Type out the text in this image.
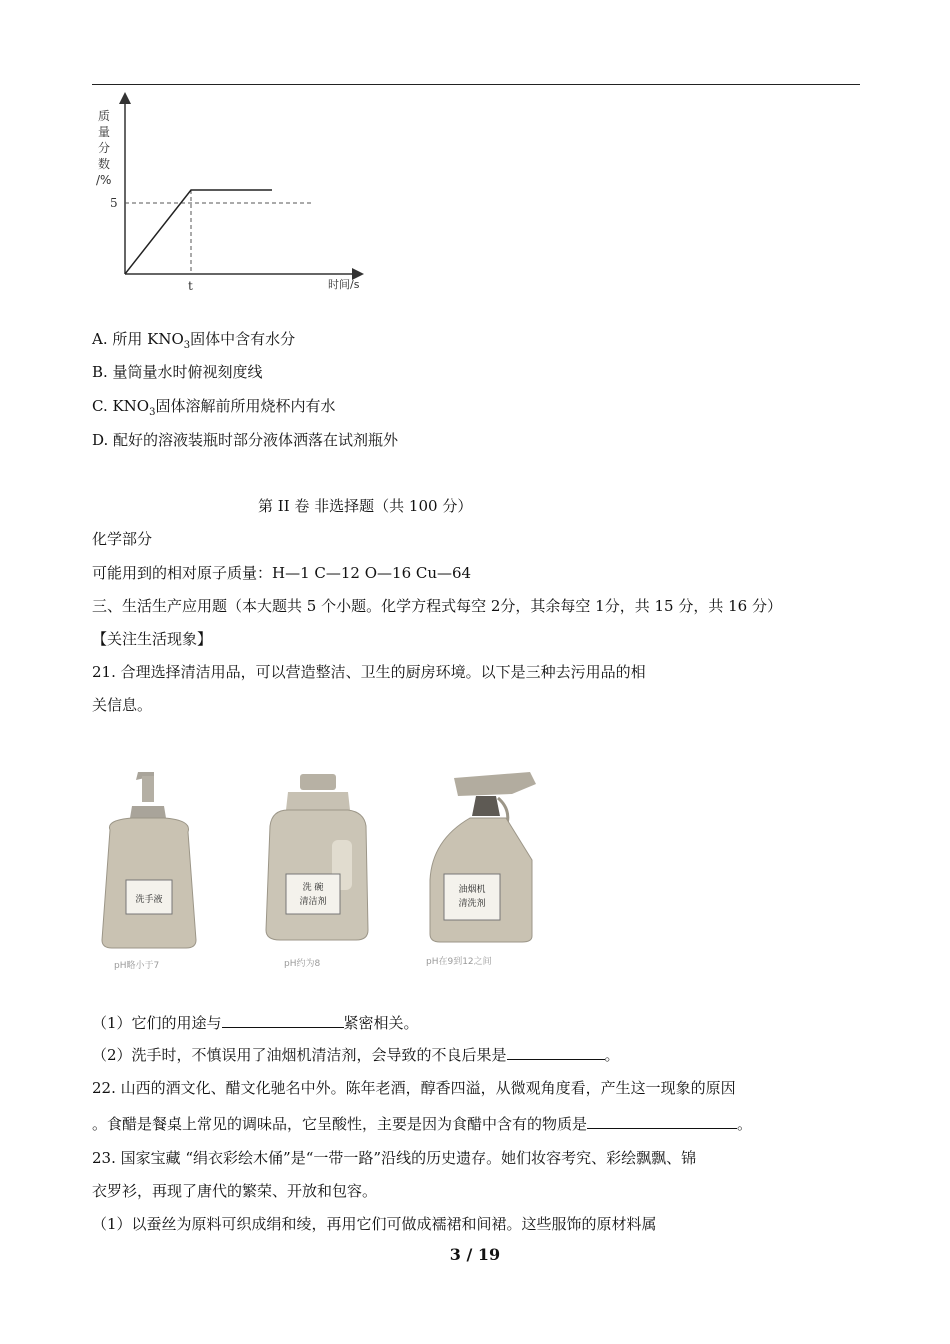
质
量
分
数
/%
5
t	时间/s
A. 所用 $KNO_3$固体中含有水分
B. 量筒量水时俯视刻度线
C. $KNO_3$固体溶解前所用烧杯内有水
D. 配好的溶液装瓶时部分液体洒落在试剂瓶外
第 II 卷 非选择题（共 100 分）
化学部分
可能用到的相对原子质量：H—1 C—12 O—16 Cu—64
三、生活生产应用题（本大题共 5 个小题。化学方程式每空 2分，其余每空 1分，共 15 分，共 16 分）
【关注生活现象】
21. 合理选择清洁用品，可以营造整洁、卫生的厨房环境。以下是三种去污用品的相
关信息。
洗手液
pH略小于7
洗 碗
清洁剂
pH约为8
油烟机
清洗剂
pH在9到12之间
（1）它们的用途与	紧密相关。
（2）洗手时，不慎误用了油烟机清洁剂，会导致的不良后果是	。
22. 山西的酒文化、醋文化驰名中外。陈年老酒，醇香四溢，从微观角度看，产生这一现象的原因
。食醋是餐桌上常见的调味品，它呈酸性，主要是因为食醋中含有的物质是	。
23. 国家宝藏 “绢衣彩绘木俑”是“一带一路”沿线的历史遗存。她们妆容考究、彩绘飘飘、锦
衣罗衫，再现了唐代的繁荣、开放和包容。
（1）以蚕丝为原料可织成绢和绫，再用它们可做成襦裙和间裙。这些服饰的原材料属
3 / 19
